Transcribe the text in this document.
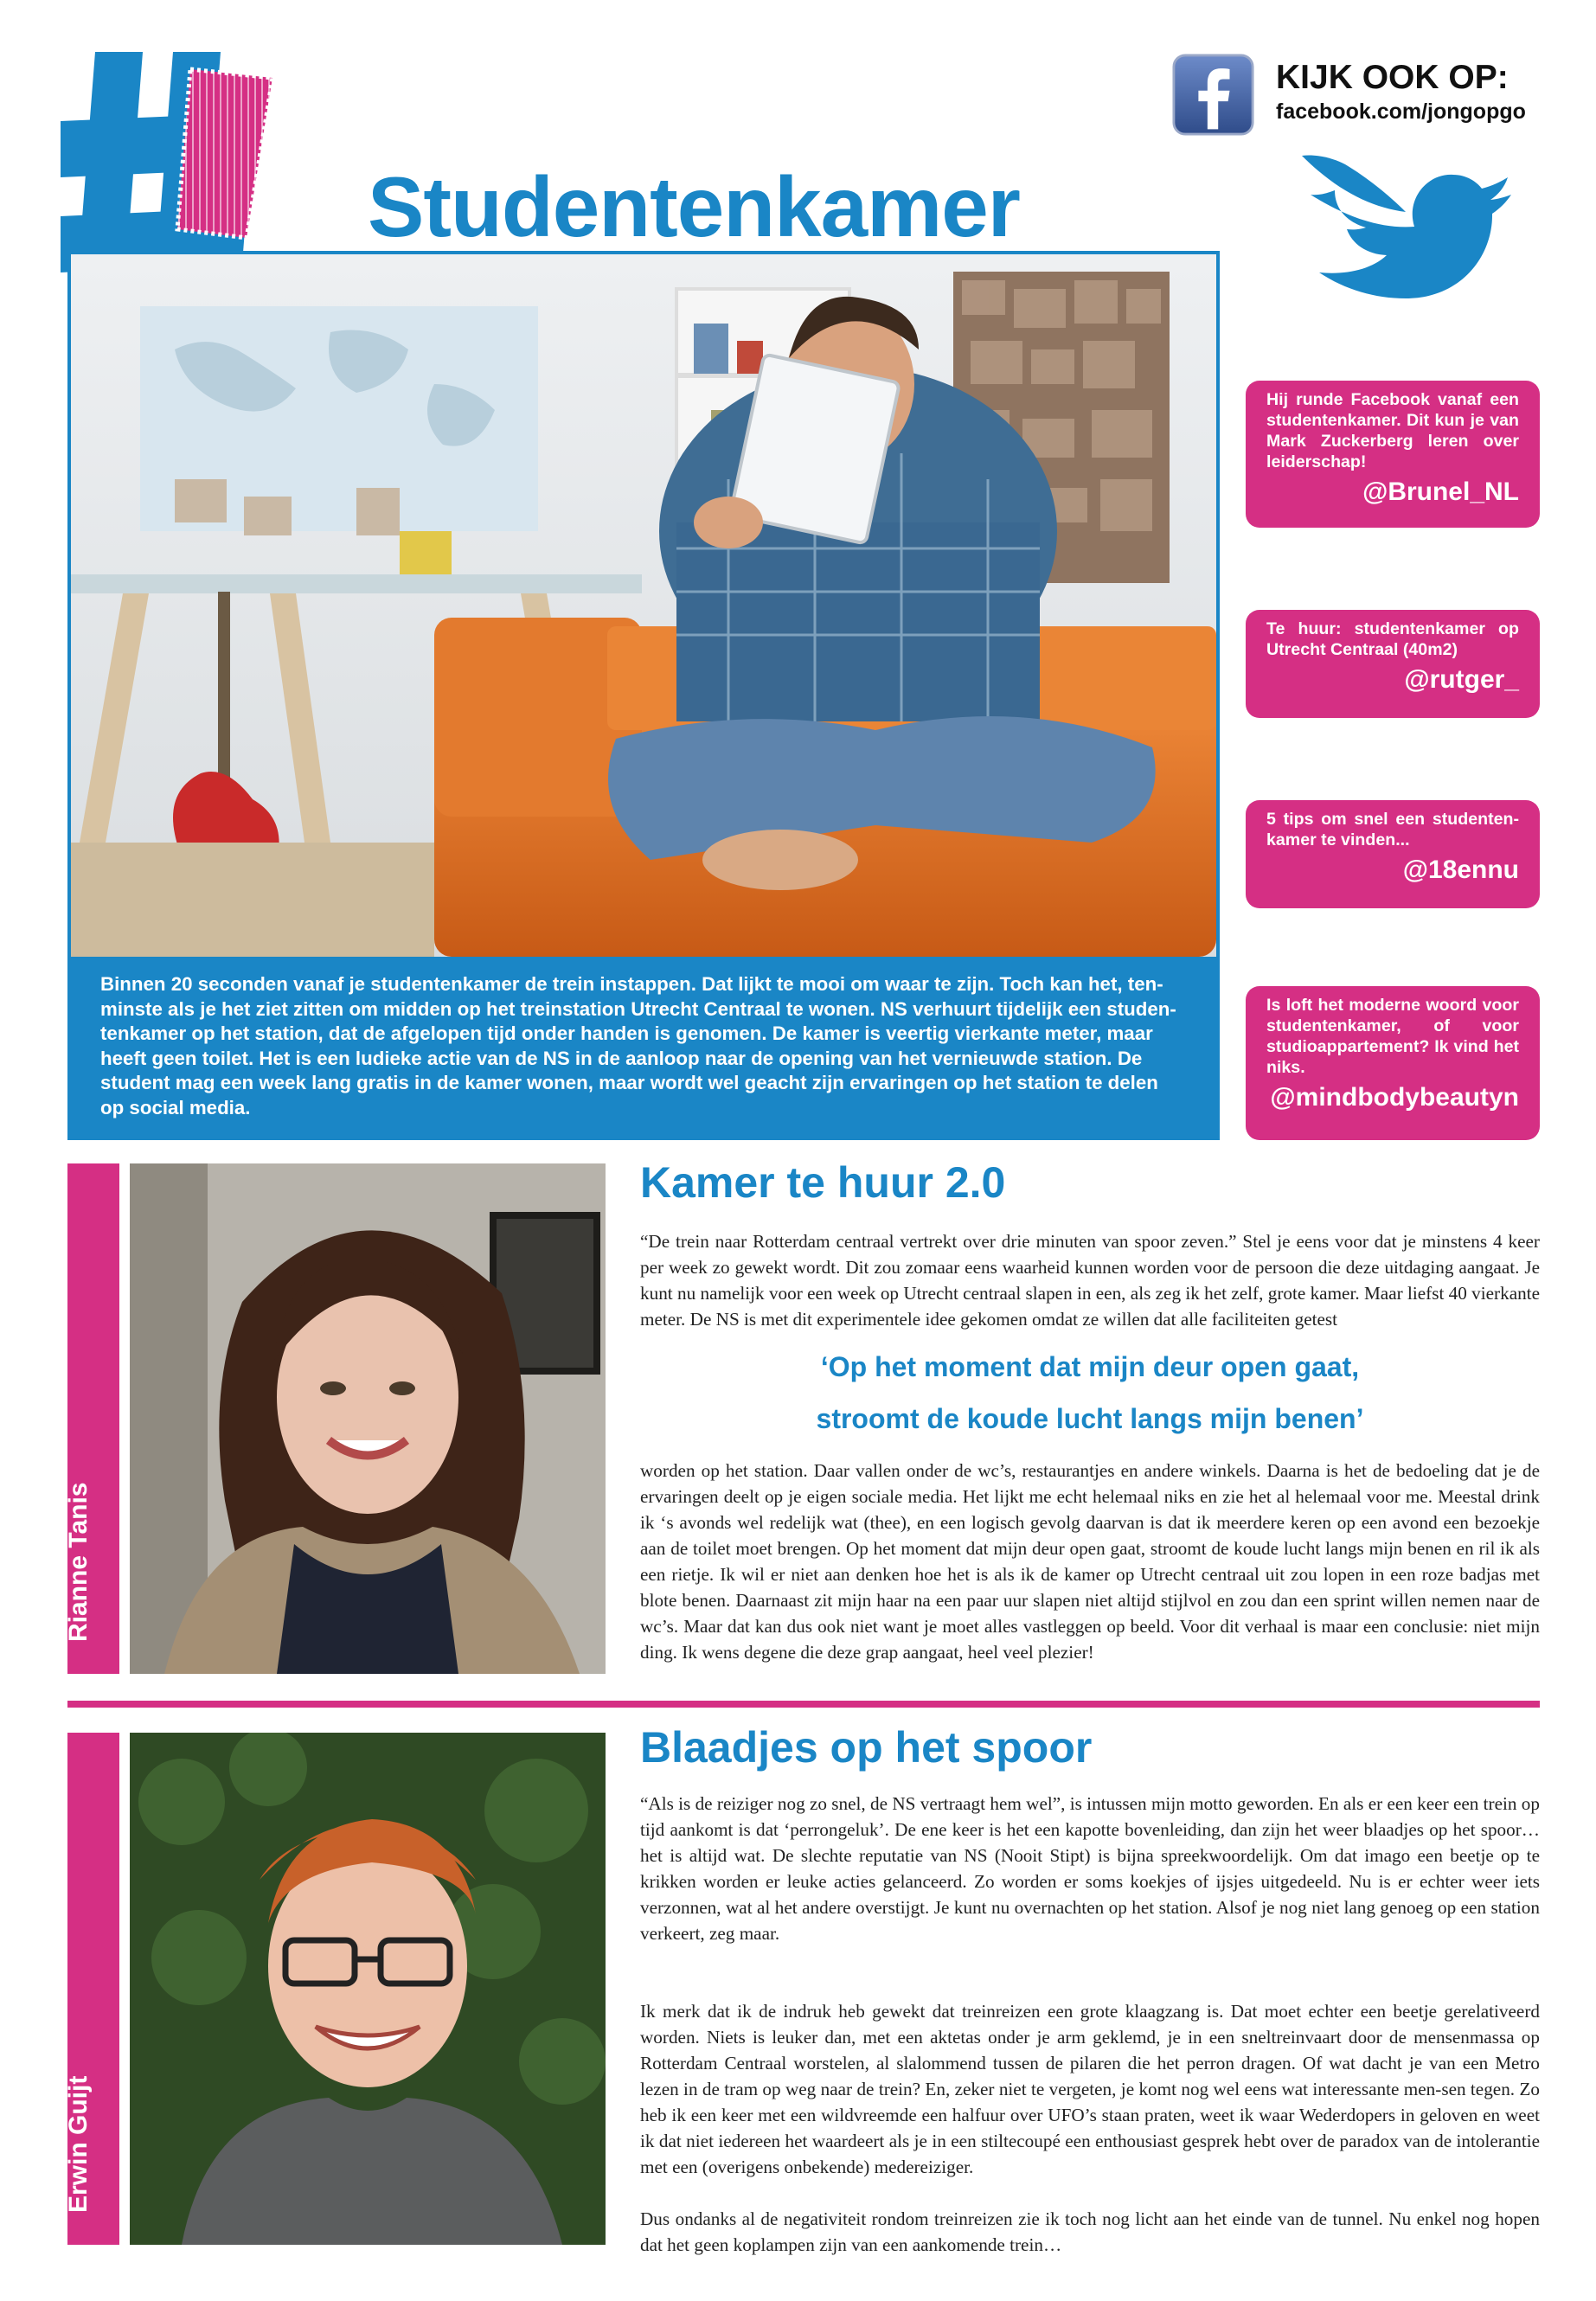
Studentenkamer
KIJK OOK OP:
facebook.com/jongopgo

Binnen 20 seconden vanaf je studentenkamer de trein instappen. Dat lijkt te mooi om waar te zijn. Toch kan het, ten-minste als je het ziet zitten om midden op het treinstation Utrecht Centraal te wonen. NS verhuurt tijdelijk een studen-tenkamer op het station, dat de afgelopen tijd onder handen is genomen. De kamer is veertig vierkante meter, maar heeft geen toilet. Het is een ludieke actie van de NS in de aanloop naar de opening van het vernieuwde station. De student mag een week lang gratis in de kamer wonen, maar wordt wel geacht zijn ervaringen op het station te delen op social media.

Hij runde Facebook vanaf een studentenkamer. Dit kun je van Mark Zuckerberg leren over leiderschap!

@Brunel_NL

Te huur: studentenkamer op Utrecht Centraal (40m2)

@rutger_

5 tips om snel een studenten-kamer te vinden...

@18ennu

Is loft het moderne woord voor studentenkamer, of voor studioappartement? Ik vind het niks.

@mindbodybeautyn
Rianne Tanis
Kamer te huur 2.0

“De trein naar Rotterdam centraal vertrekt over drie minuten van spoor zeven.” Stel je eens voor dat je minstens 4 keer per week zo gewekt wordt. Dit zou zomaar eens waarheid kunnen worden voor de persoon die deze uitdaging aangaat. Je kunt nu namelijk voor een week op Utrecht centraal slapen in een, als zeg ik het zelf, grote kamer. Maar liefst 40 vierkante meter. De NS is met dit experimentele idee gekomen omdat ze willen dat alle faciliteiten getest

‘Op het moment dat mijn deur open gaat,

stroomt de koude lucht langs mijn benen’

worden op het station. Daar vallen onder de wc’s, restaurantjes en andere winkels. Daarna is het de bedoeling dat je de ervaringen deelt op je eigen sociale media. Het lijkt me echt helemaal niks en zie het al helemaal voor me. Meestal drink ik ‘s avonds wel redelijk wat (thee), en een logisch gevolg daarvan is dat ik meerdere keren op een avond een bezoekje aan de toilet moet brengen. Op het moment dat mijn deur open gaat, stroomt de koude lucht langs mijn benen en ril ik als een rietje. Ik wil er niet aan denken hoe het is als ik de kamer op Utrecht centraal uit zou lopen in een roze badjas met blote benen. Daarnaast zit mijn haar na een paar uur slapen niet altijd stijlvol en zou dan een sprint willen nemen naar de wc’s. Maar dat kan dus ook niet want je moet alles vastleggen op beeld. Voor dit verhaal is maar een conclusie: niet mijn ding. Ik wens degene die deze grap aangaat, heel veel plezier!

Erwin Guijt
Blaadjes op het spoor

“Als is de reiziger nog zo snel, de NS vertraagt hem wel”, is intussen mijn motto geworden. En als er een keer een trein op tijd aankomt is dat ‘perrongeluk’. De ene keer is het een kapotte bovenleiding, dan zijn het weer blaadjes op het spoor… het is altijd wat. De slechte reputatie van NS (Nooit Stipt) is bijna spreekwoordelijk. Om dat imago een beetje op te krikken worden er leuke acties gelanceerd. Zo worden er soms koekjes of ijsjes uitgedeeld. Nu is er echter weer iets verzonnen, wat al het andere overstijgt. Je kunt nu overnachten op het station. Alsof je nog niet lang genoeg op een station verkeert, zeg maar.

Ik merk dat ik de indruk heb gewekt dat treinreizen een grote klaagzang is. Dat moet echter een beetje gerelativeerd worden. Niets is leuker dan, met een aktetas onder je arm geklemd, je in een sneltreinvaart door de mensenmassa op Rotterdam Centraal worstelen, al slalommend tussen de pilaren die het perron dragen. Of wat dacht je van een Metro lezen in de tram op weg naar de trein? En, zeker niet te vergeten, je komt nog wel eens wat interessante men-sen tegen. Zo heb ik een keer met een wildvreemde een halfuur over UFO’s staan praten, weet ik waar Wederdopers in geloven en weet ik dat niet iedereen het waardeert als je in een stiltecoupé een enthousiast gesprek hebt over de paradox van de intolerantie met een (overigens onbekende) medereiziger.

Dus ondanks al de negativiteit rondom treinreizen zie ik toch nog licht aan het einde van de tunnel. Nu enkel nog hopen dat het geen koplampen zijn van een aankomende trein…
